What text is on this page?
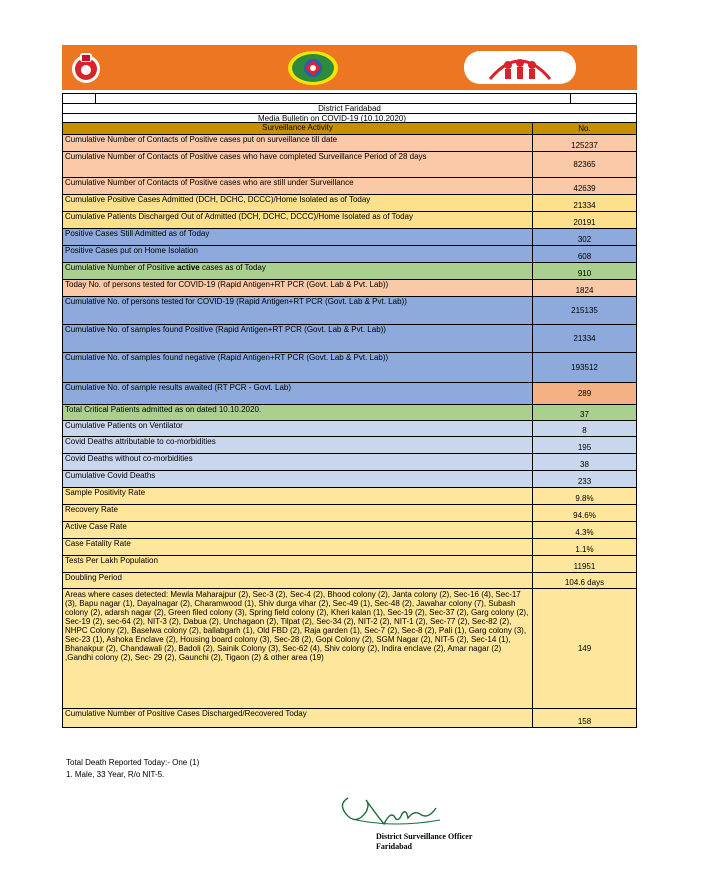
District Faridabad
Media Bulletin on COVID-19 (10.10.2020)
Surveillance Activity	No.
Cumulative Number of Contacts of Positive cases put on surveillance till date
125237
Cumulative Number of Contacts of Positive cases who have completed Surveillance Period of 28 days
82365
Cumulative Number of Contacts of Positive cases who are still under Surveillance
42639
Cumulative Positive Cases Admitted (DCH, DCHC, DCCC)/Home Isolated as of Today
21334
Cumulative Patients Discharged Out of Admitted (DCH, DCHC, DCCC)/Home Isolated as of Today
20191
Positive Cases Still Admitted as of Today
302
Positive Cases put on Home Isolation
608
Cumulative Number of Positive active cases as of Today
910
Today No. of persons tested for COVID-19 (Rapid Antigen+RT PCR (Govt. Lab & Pvt. Lab))
1824
Cumulative No. of persons tested for COVID-19 (Rapid Antigen+RT PCR (Govt. Lab & Pvt. Lab))
215135
Cumulative No. of samples found Positive (Rapid Antigen+RT PCR (Govt. Lab & Pvt. Lab))
21334
Cumulative No. of samples found negative (Rapid Antigen+RT PCR (Govt. Lab & Pvt. Lab))
193512
Cumulative No. of sample results awaited (RT PCR - Govt. Lab)
289
Total Critical Patients admitted as on dated 10.10.2020.
37
Cumulative Patients on Ventilator
8
Covid Deaths attributable to co-morbidities
195
Covid Deaths without co-morbidities
38
Cumulative Covid Deaths
233
Sample Positivity Rate
9.8%
Recovery Rate
94.6%
Active Case Rate
4.3%
Case Fatality Rate
1.1%
Tests Per Lakh Population
11951
Doubling Period
104.6 days
Areas where cases detected: Mewla Maharajpur (2), Sec-3 (2), Sec-4 (2), Bhood colony (2), Janta colony (2), Sec-16 (4), Sec-17 (3), Bapu nagar (1), Dayalnagar (2), Charamwood (1), Shiv durga vihar (2), Sec-49 (1), Sec-48 (2), Jawahar colony (7), Subash colony (2), adarsh nagar (2), Green filed colony (3), Spring field colony (2), Kheri kalan (1), Sec-19 (2), Sec-37 (2), Garg colony (2), Sec-19 (2), sec-64 (2), NIT-3 (2), Dabua (2), Unchagaon (2), Tilpat (2), Sec-34 (2), NIT-2 (2), NIT-1 (2), Sec-77 (2), Sec-82 (2), NHPC Colony (2), Baselwa colony (2), ballabgarh (1), Old FBD (2), Raja garden (1), Sec-7 (2), Sec-8 (2), Pali (1), Garg colony (3), Sec-23 (1), Ashoka Enclave (2), Housing board colony (3), Sec-28 (2), Gopi Colony (2), SGM Nagar (2), NIT-5 (2), Sec-14 (1), Bhanakpur (2), Chandawali (2), Badoli (2), Sainik Colony (3), Sec-62 (4), Shiv colony (2), Indira enclave (2), Amar nagar (2) ,Gandhi colony (2), Sec- 29 (2), Gaunchi (2), Tigaon (2) & other area (19)
149
Cumulative Number of Positive Cases Discharged/Recovered Today
158
Total Death Reported Today:- One (1)
1. Male, 33 Year, R/o NIT-5.
District Surveillance Officer
Faridabad
